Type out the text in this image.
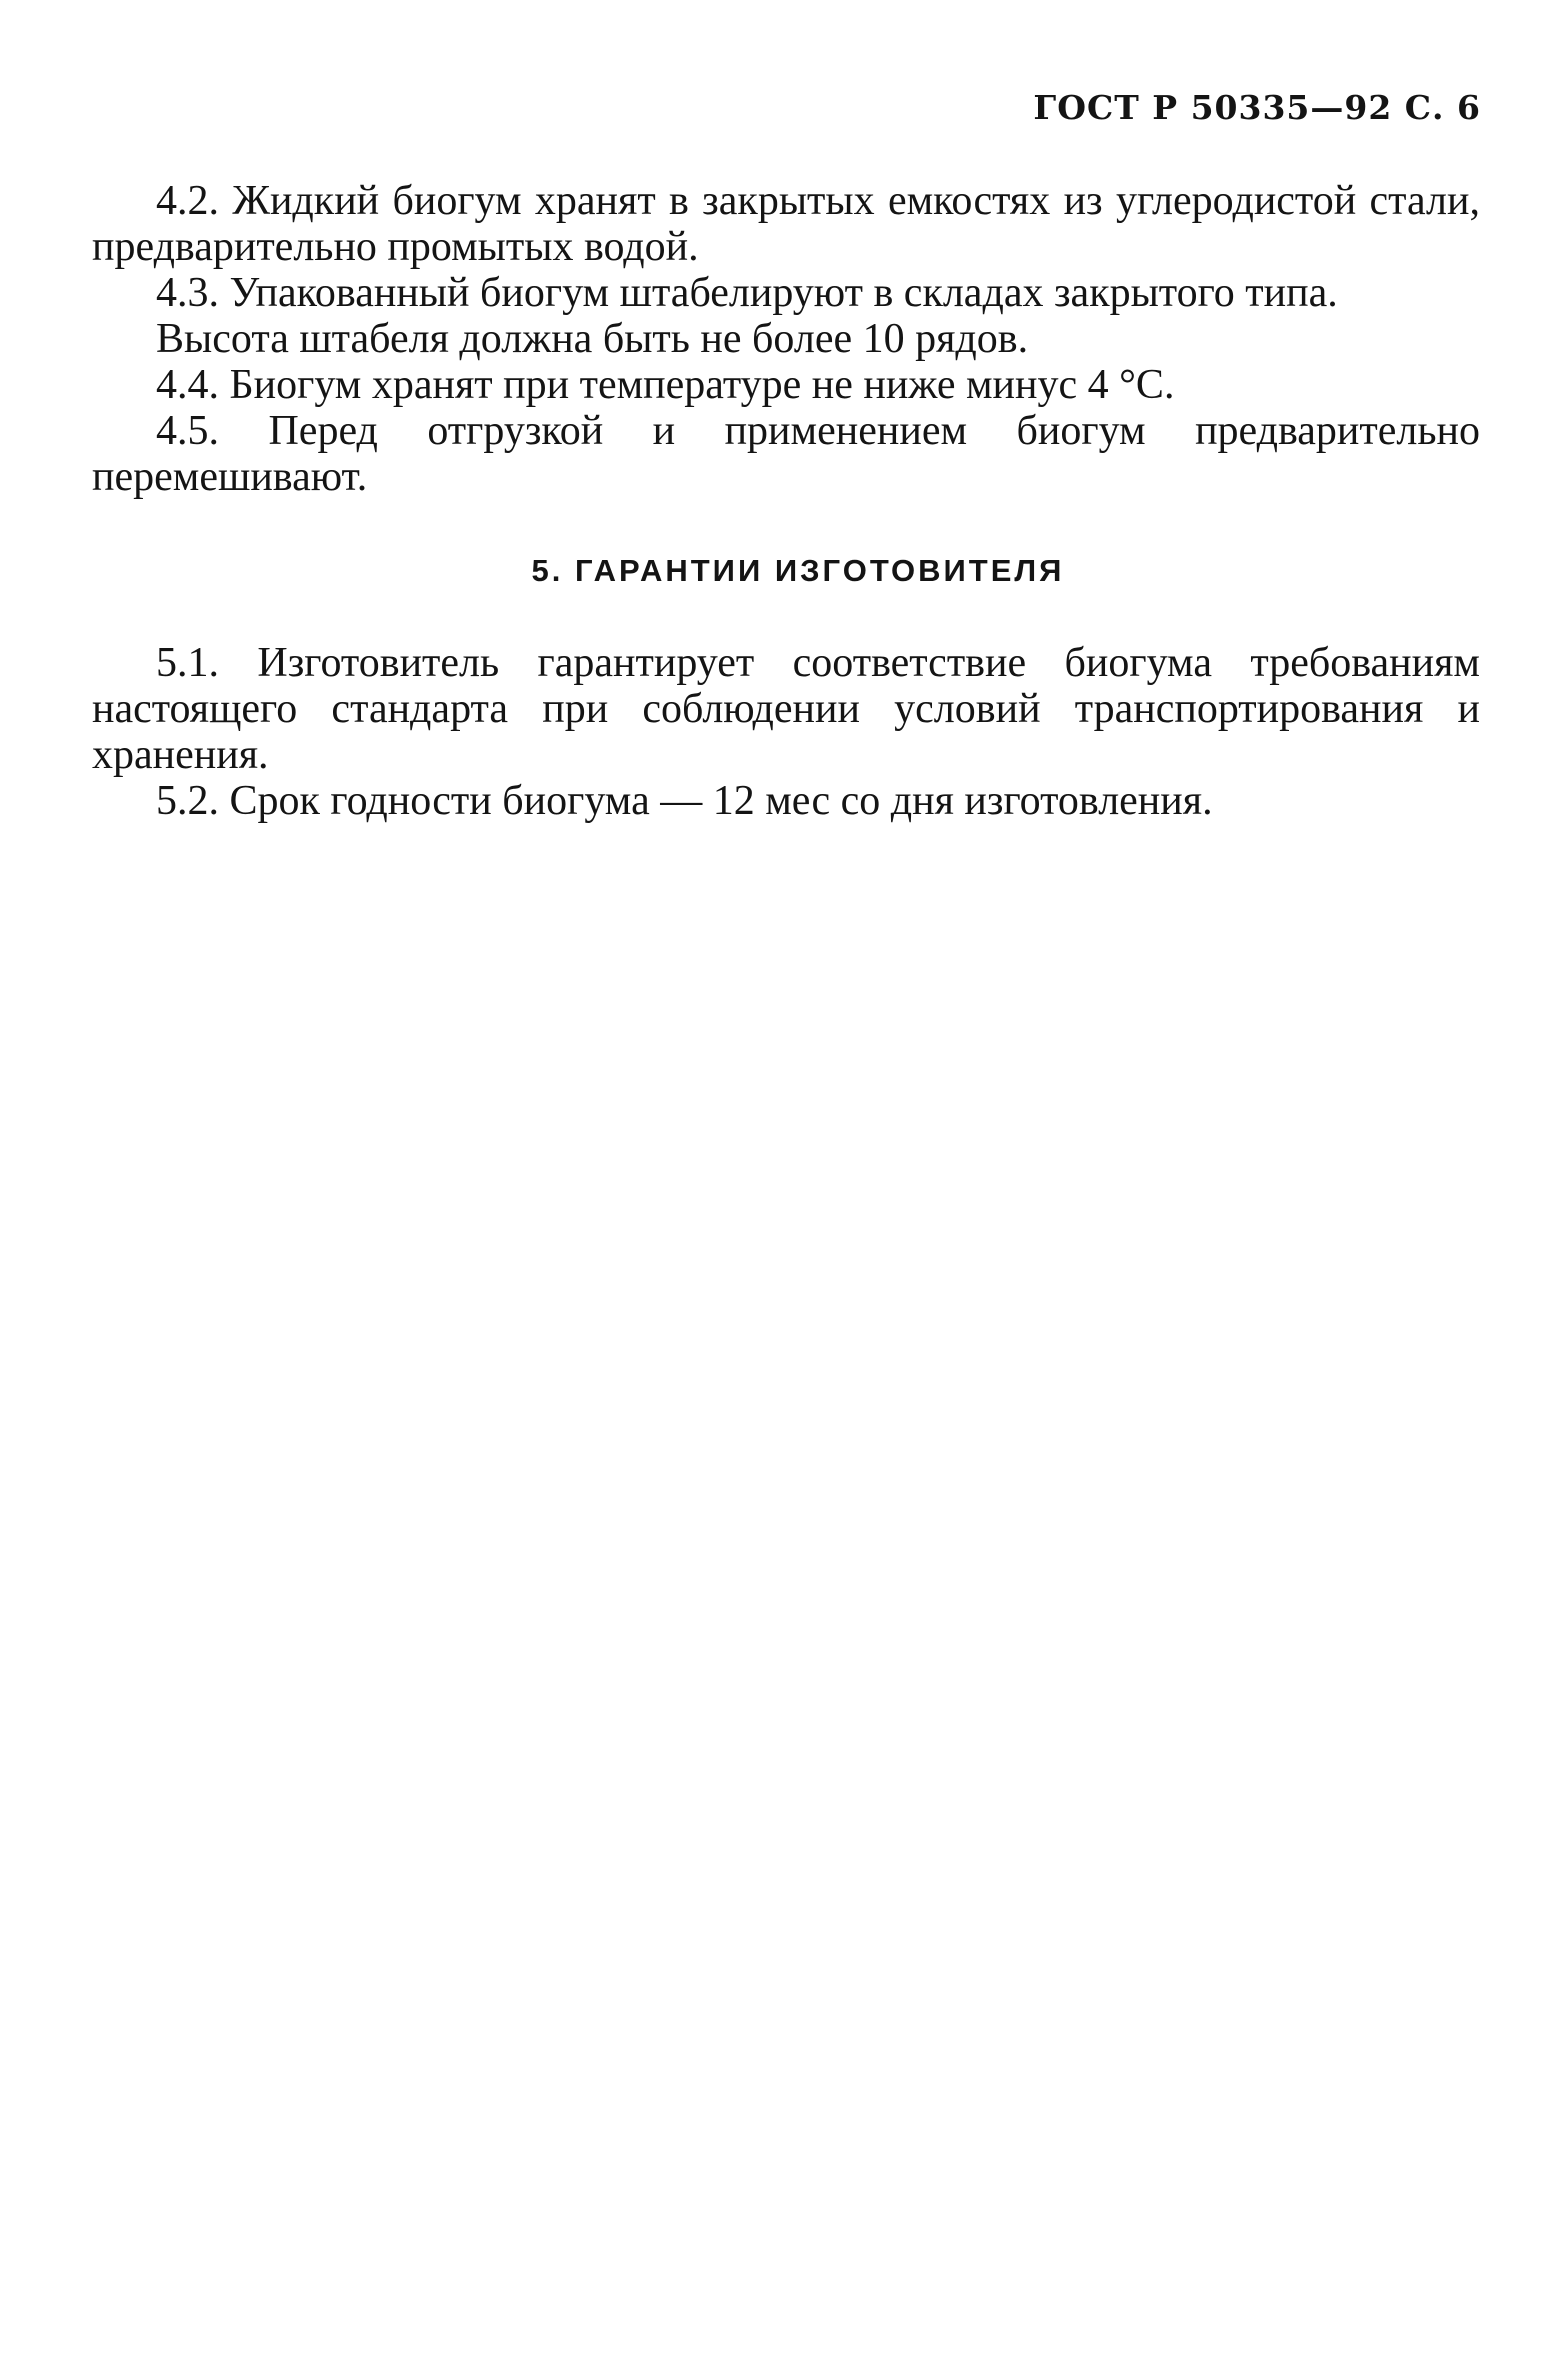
ГОСТ Р 50335—92 С. 6

4.2. Жидкий биогум хранят в закрытых емкостях из углеродистой стали, предварительно промытых водой.

4.3. Упакованный биогум штабелируют в складах закрытого типа.

Высота штабеля должна быть не более 10 рядов.

4.4. Биогум хранят при температуре не ниже минус 4 °С.

4.5. Перед отгрузкой и применением биогум предварительно перемешивают.

5. ГАРАНТИИ ИЗГОТОВИТЕЛЯ

5.1. Изготовитель гарантирует соответствие биогума требованиям настоящего стандарта при соблюдении условий транспортирования и хранения.

5.2. Срок годности биогума — 12 мес со дня изготовления.
